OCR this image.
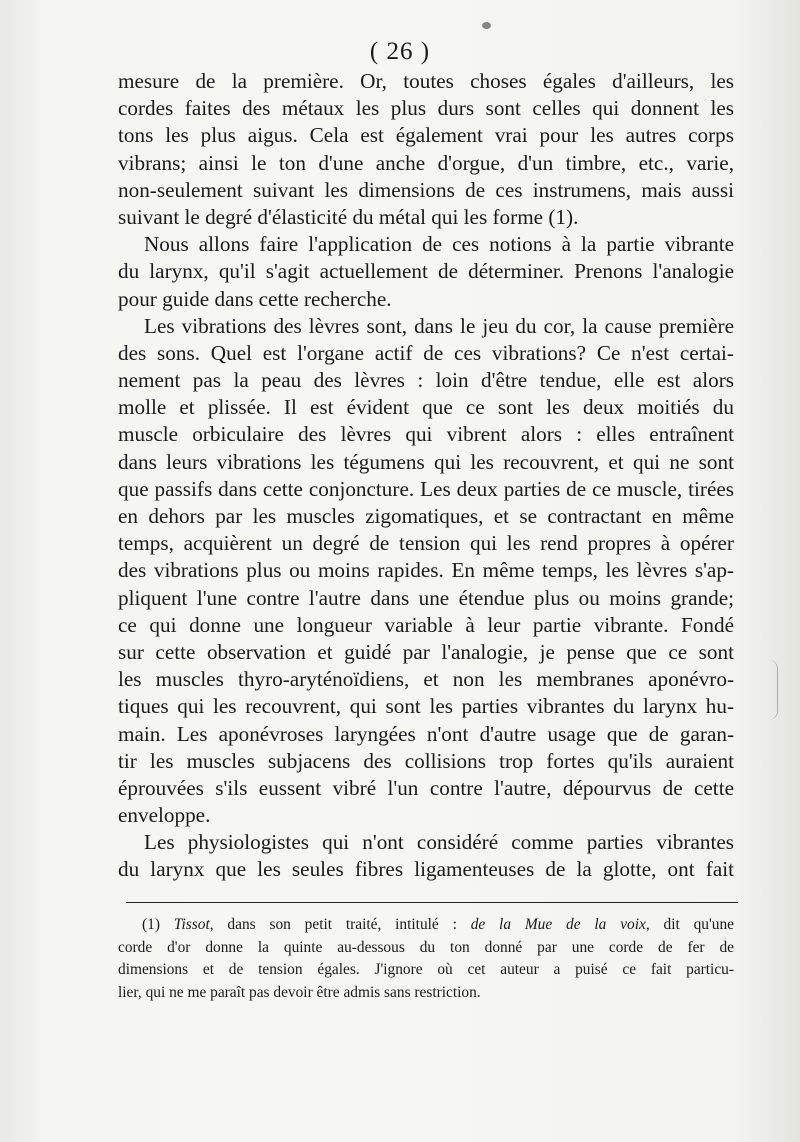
( 26 )
mesure de la première. Or, toutes choses égales d'ailleurs, les
cordes faites des métaux les plus durs sont celles qui donnent les
tons les plus aigus. Cela est également vrai pour les autres corps
vibrans; ainsi le ton d'une anche d'orgue, d'un timbre, etc., varie,
non-seulement suivant les dimensions de ces instrumens, mais aussi
suivant le degré d'élasticité du métal qui les forme (1).
Nous allons faire l'application de ces notions à la partie vibrante
du larynx, qu'il s'agit actuellement de déterminer. Prenons l'analogie
pour guide dans cette recherche.
Les vibrations des lèvres sont, dans le jeu du cor, la cause première
des sons. Quel est l'organe actif de ces vibrations? Ce n'est certai-
nement pas la peau des lèvres : loin d'être tendue, elle est alors
molle et plissée. Il est évident que ce sont les deux moitiés du
muscle orbiculaire des lèvres qui vibrent alors : elles entraînent
dans leurs vibrations les tégumens qui les recouvrent, et qui ne sont
que passifs dans cette conjoncture. Les deux parties de ce muscle, tirées
en dehors par les muscles zigomatiques, et se contractant en même
temps, acquièrent un degré de tension qui les rend propres à opérer
des vibrations plus ou moins rapides. En même temps, les lèvres s'ap-
pliquent l'une contre l'autre dans une étendue plus ou moins grande;
ce qui donne une longueur variable à leur partie vibrante. Fondé
sur cette observation et guidé par l'analogie, je pense que ce sont
les muscles thyro-aryténoïdiens, et non les membranes aponévro-
tiques qui les recouvrent, qui sont les parties vibrantes du larynx hu-
main. Les aponévroses laryngées n'ont d'autre usage que de garan-
tir les muscles subjacens des collisions trop fortes qu'ils auraient
éprouvées s'ils eussent vibré l'un contre l'autre, dépourvus de cette
enveloppe.
Les physiologistes qui n'ont considéré comme parties vibrantes
du larynx que les seules fibres ligamenteuses de la glotte, ont fait
(1) Tissot, dans son petit traité, intitulé : de la Mue de la voix, dit qu'une
corde d'or donne la quinte au-dessous du ton donné par une corde de fer de
dimensions et de tension égales. J'ignore où cet auteur a puisé ce fait particu-
lier, qui ne me paraît pas devoir être admis sans restriction.
